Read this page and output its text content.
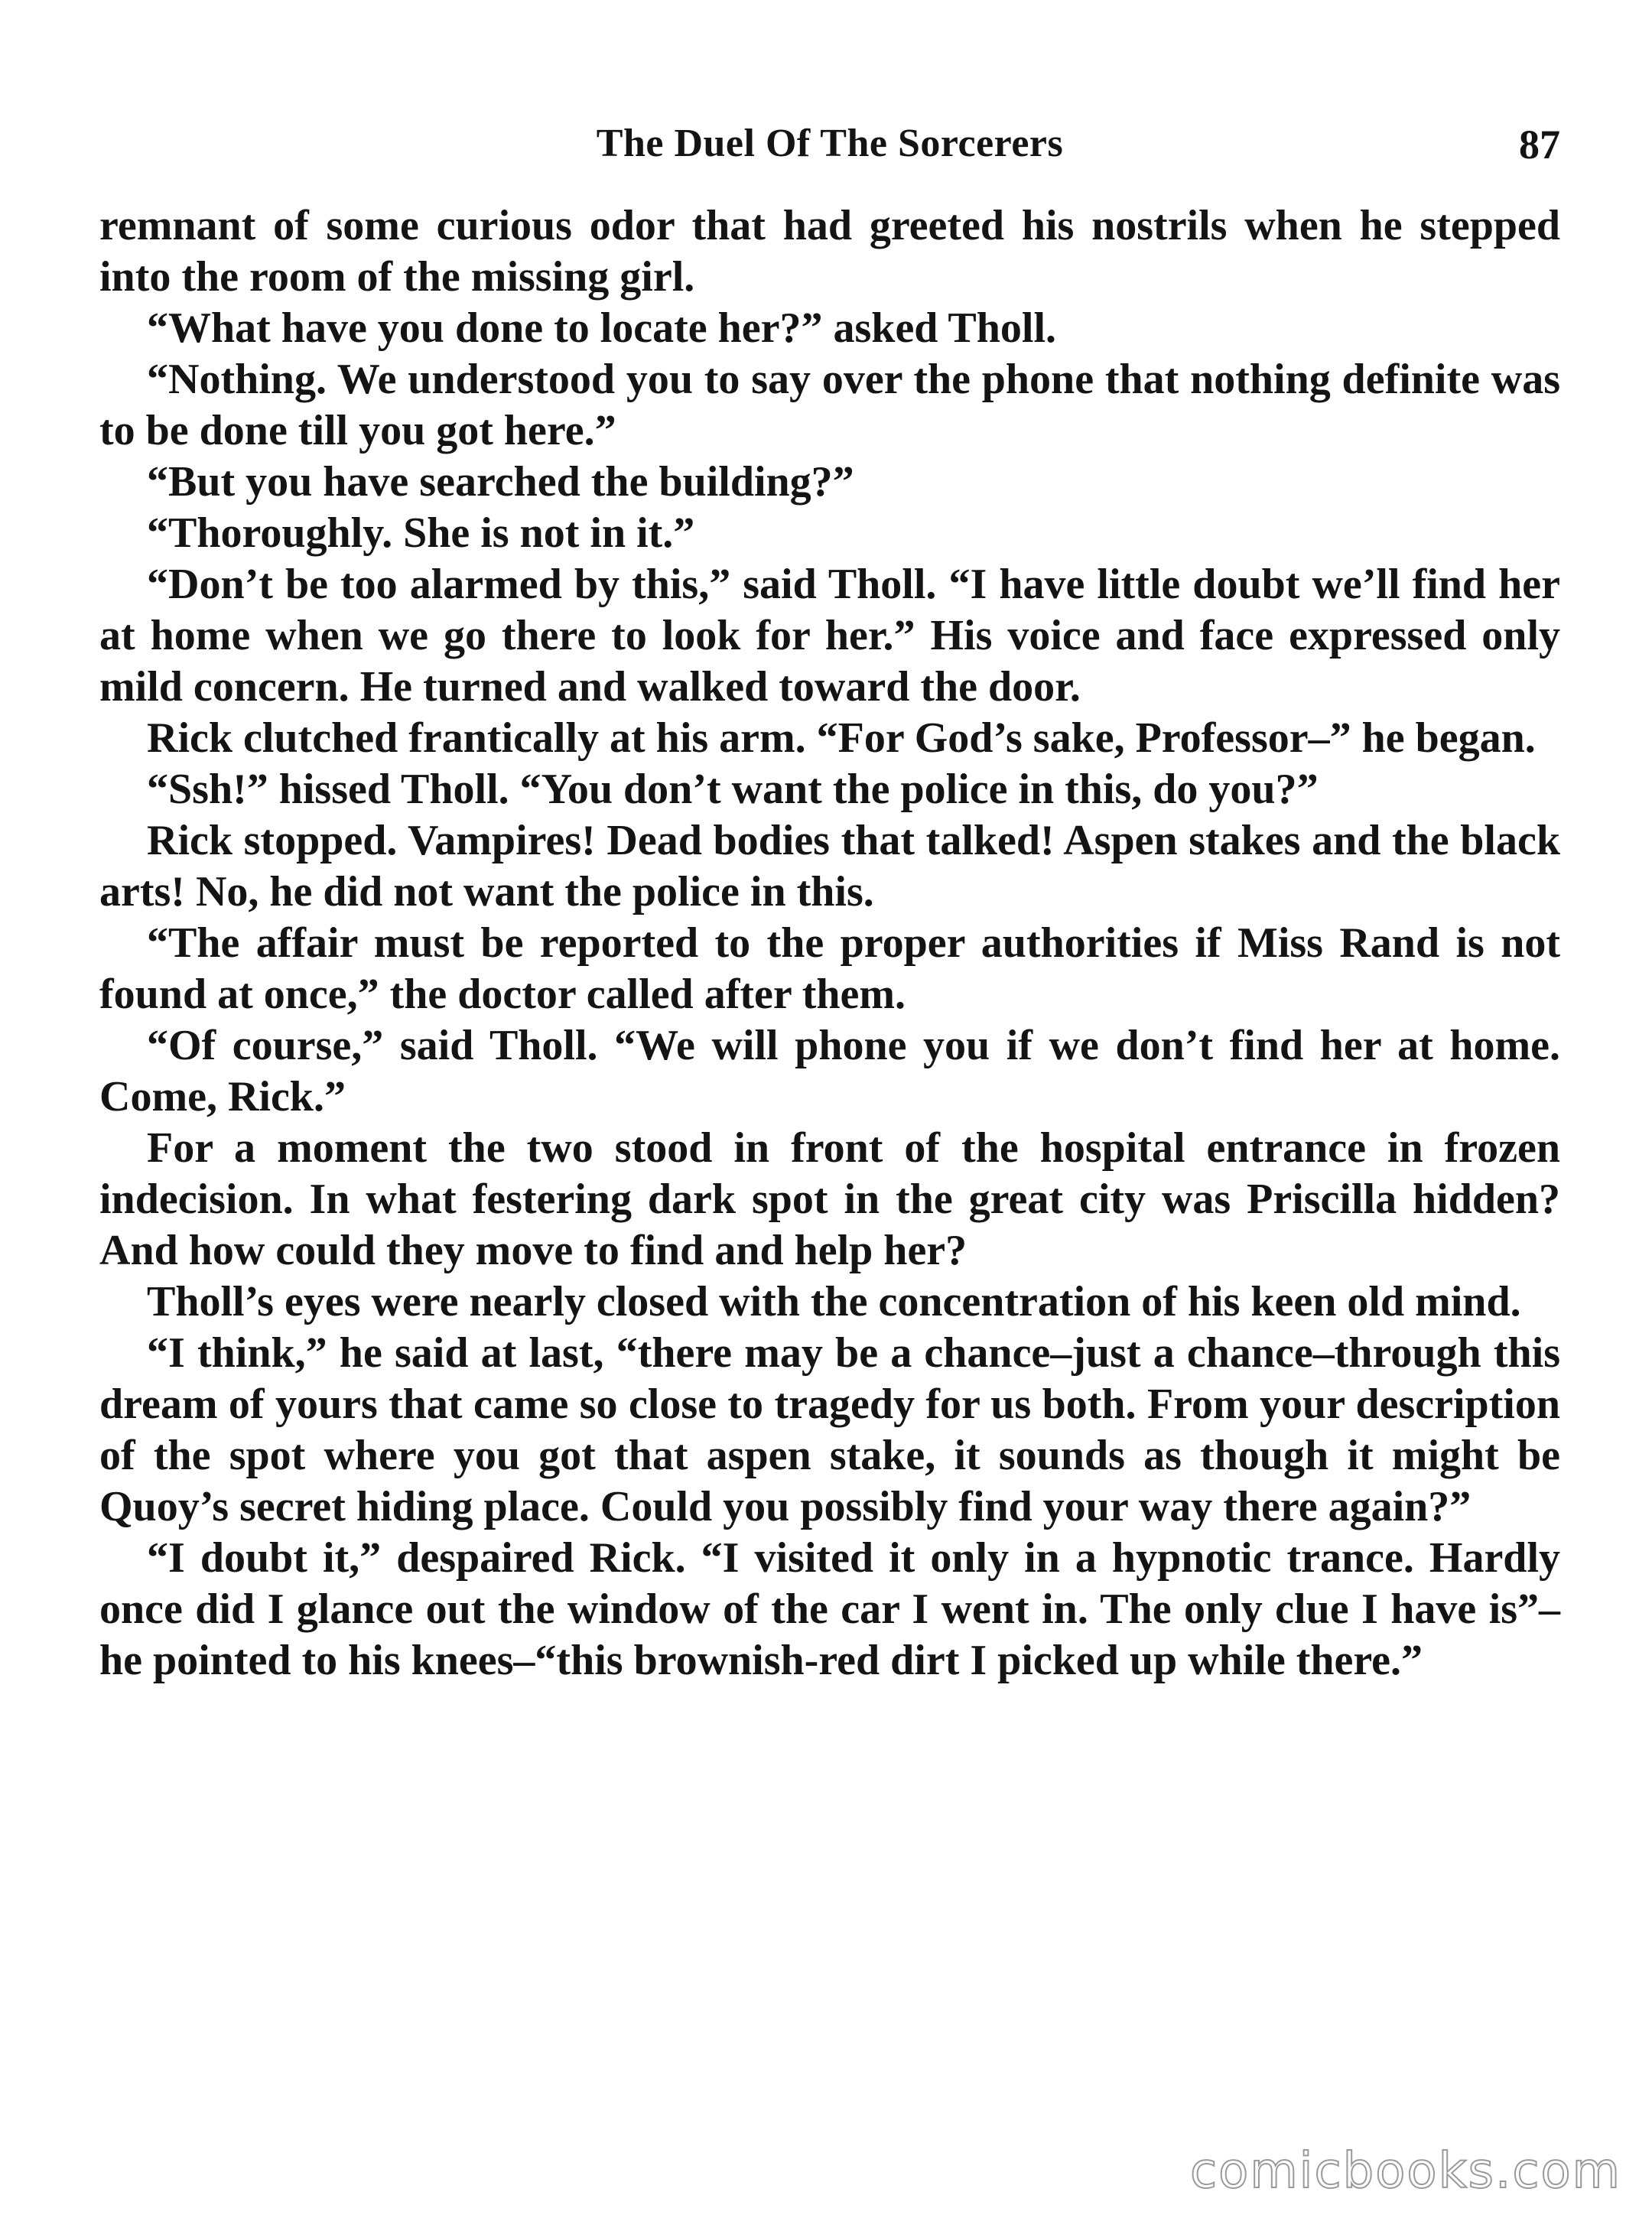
The Duel Of The Sorcerers	87

remnant of some curious odor that had greeted his nostrils when he stepped into the room of the missing girl.

“What have you done to locate her?” asked Tholl.

“Nothing. We understood you to say over the phone that nothing definite was to be done till you got here.”

“But you have searched the building?”

“Thoroughly. She is not in it.”

“Don’t be too alarmed by this,” said Tholl. “I have little doubt we’ll find her at home when we go there to look for her.” His voice and face expressed only mild concern. He turned and walked toward the door.

Rick clutched frantically at his arm. “For God’s sake, Professor–” he began.

“Ssh!” hissed Tholl. “You don’t want the police in this, do you?”

Rick stopped. Vampires! Dead bodies that talked! Aspen stakes and the black arts! No, he did not want the police in this.

“The affair must be reported to the proper authorities if Miss Rand is not found at once,” the doctor called after them.

“Of course,” said Tholl. “We will phone you if we don’t find her at home. Come, Rick.”

For a moment the two stood in front of the hospital entrance in frozen indecision. In what festering dark spot in the great city was Priscilla hidden? And how could they move to find and help her?

Tholl’s eyes were nearly closed with the concentration of his keen old mind.

“I think,” he said at last, “there may be a chance–just a chance–through this dream of yours that came so close to tragedy for us both. From your description of the spot where you got that aspen stake, it sounds as though it might be Quoy’s secret hiding place. Could you possibly find your way there again?”

“I doubt it,” despaired Rick. “I visited it only in a hypnotic trance. Hardly once did I glance out the window of the car I went in. The only clue I have is”–he pointed to his knees–“this brownish-red dirt I picked up while there.”

comicbooks.com
